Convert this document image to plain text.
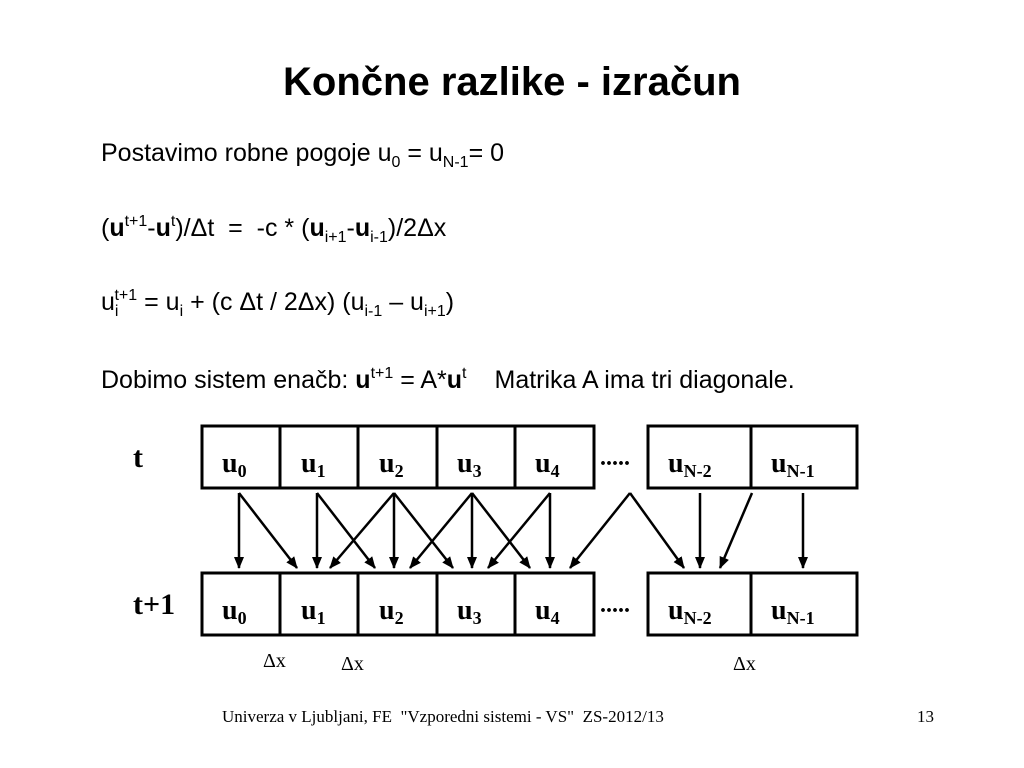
Končne razlike - izračun
Postavimo robne pogoje $u_0 = u_{N-1}= 0$
$(u^{t+1}-u^t)/\Delta t = -c * (u_{i+1}-u_{i-1})/2\Delta x$
$u_i^{t+1} = u_i + (c$ Δt / 2Δx) $(u_{i-1} - u_{i+1})$
Dobimo sistem enačb: $u^{t+1} = A*u^t$ Matrika A ima tri diagonale.
t
t+1
.....
.....
u0 u1 u2 u3 u4	uN-2 uN-1
u0 u1 u2 u3 u4	uN-2 uN-1
Δx	Δx	Δx
Univerza v Ljubljani, FE  "Vzporedni sistemi - VS"  ZS-2012/13	13
